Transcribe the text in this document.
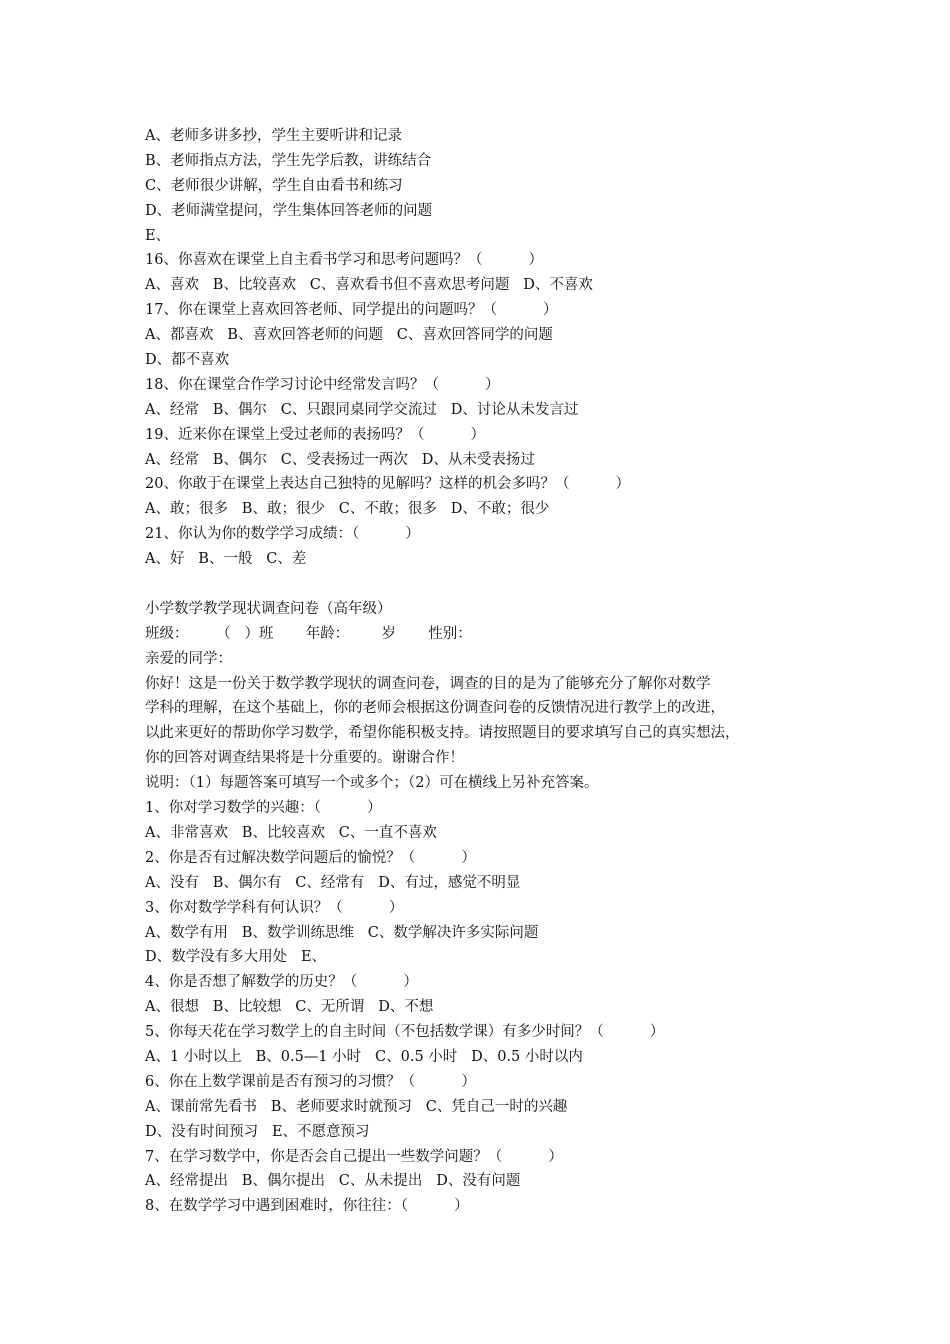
A、老师多讲多抄，学生主要听讲和记录
B、老师指点方法，学生先学后教，讲练结合
C、老师很少讲解，学生自由看书和练习
D、老师满堂提问，学生集体回答老师的问题
E、
16、你喜欢在课堂上自主看书学习和思考问题吗？（          ）
A、喜欢   B、比较喜欢   C、喜欢看书但不喜欢思考问题   D、不喜欢
17、你在课堂上喜欢回答老师、同学提出的问题吗？（          ）
A、都喜欢   B、喜欢回答老师的问题   C、喜欢回答同学的问题
D、都不喜欢
18、你在课堂合作学习讨论中经常发言吗？（          ）
A、经常   B、偶尔   C、只跟同桌同学交流过   D、讨论从未发言过
19、近来你在课堂上受过老师的表扬吗？（          ）
A、经常   B、偶尔   C、受表扬过一两次   D、从未受表扬过
20、你敢于在课堂上表达自己独特的见解吗？这样的机会多吗？（          ）
A、敢；很多   B、敢；很少   C、不敢；很多   D、不敢；很少
21、你认为你的数学学习成绩：（          ）
A、好   B、一般   C、差
小学数学教学现状调查问卷（高年级）
班级：      （   ）班       年龄：       岁       性别：
亲爱的同学：
你好！这是一份关于数学教学现状的调查问卷，调查的目的是为了能够充分了解你对数学
学科的理解，在这个基础上，你的老师会根据这份调查问卷的反馈情况进行教学上的改进，
以此来更好的帮助你学习数学，希望你能积极支持。请按照题目的要求填写自己的真实想法，
你的回答对调查结果将是十分重要的。谢谢合作！
说明：（1）每题答案可填写一个或多个；（2）可在横线上另补充答案。
1、你对学习数学的兴趣：（          ）
A、非常喜欢   B、比较喜欢   C、一直不喜欢
2、你是否有过解决数学问题后的愉悦？（          ）
A、没有   B、偶尔有   C、经常有   D、有过，感觉不明显
3、你对数学学科有何认识？（          ）
A、数学有用   B、数学训练思维   C、数学解决许多实际问题
D、数学没有多大用处   E、
4、你是否想了解数学的历史？（          ）
A、很想   B、比较想   C、无所谓   D、不想
5、你每天花在学习数学上的自主时间（不包括数学课）有多少时间？（          ）
A、1 小时以上   B、0.5—1 小时   C、0.5 小时   D、0.5 小时以内
6、你在上数学课前是否有预习的习惯？（          ）
A、课前常先看书   B、老师要求时就预习   C、凭自己一时的兴趣
D、没有时间预习   E、不愿意预习
7、在学习数学中，你是否会自己提出一些数学问题？（          ）
A、经常提出   B、偶尔提出   C、从未提出   D、没有问题
8、在数学学习中遇到困难时，你往往：（          ）
